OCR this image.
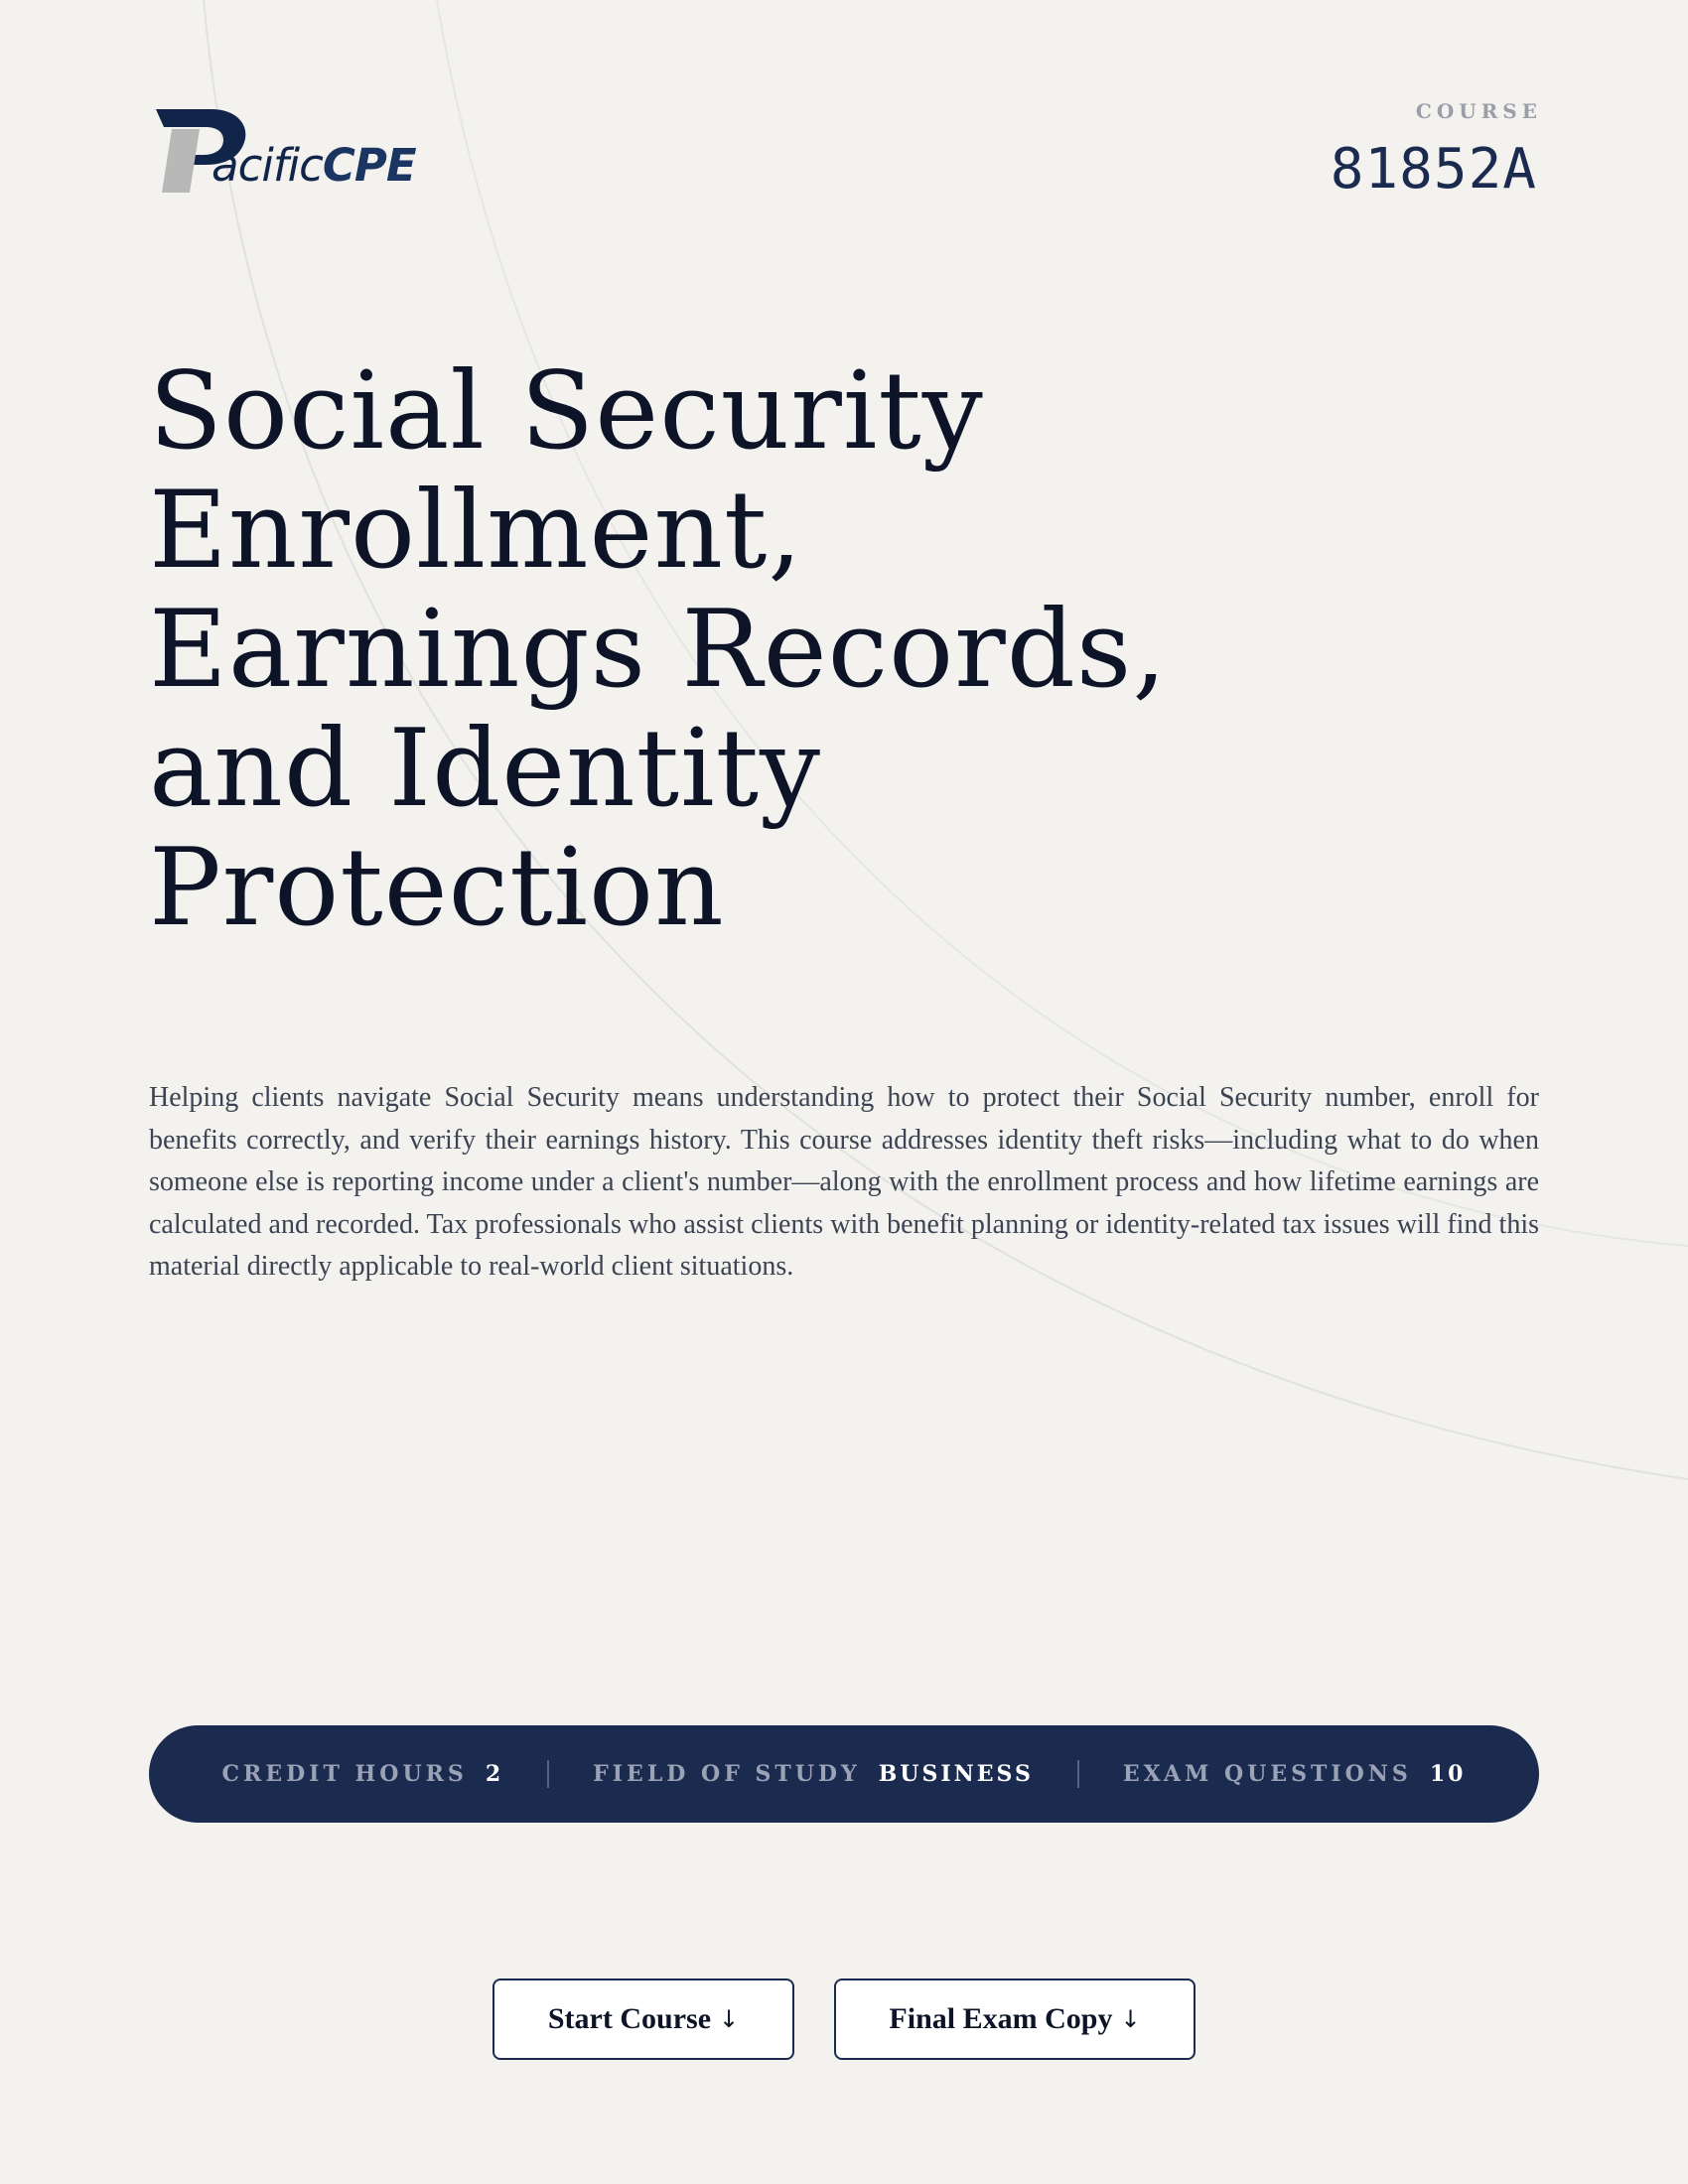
acificCPE
COURSE
81852A
Social Security
Enrollment,
Earnings Records,
and Identity
Protection

Helping clients navigate Social Security means understanding how to protect their Social Security number, enroll for benefits correctly, and verify their earnings history. This course addresses identity theft risks—including what to do when someone else is reporting income under a client's number—along with the enrollment process and how lifetime earnings are calculated and recorded. Tax professionals who assist clients with benefit planning or identity-related tax issues will find this material directly applicable to real-world client situations.

CREDIT HOURS 2	FIELD OF STUDY BUSINESS	EXAM QUESTIONS 10
Start Course ↓	Final Exam Copy ↓
